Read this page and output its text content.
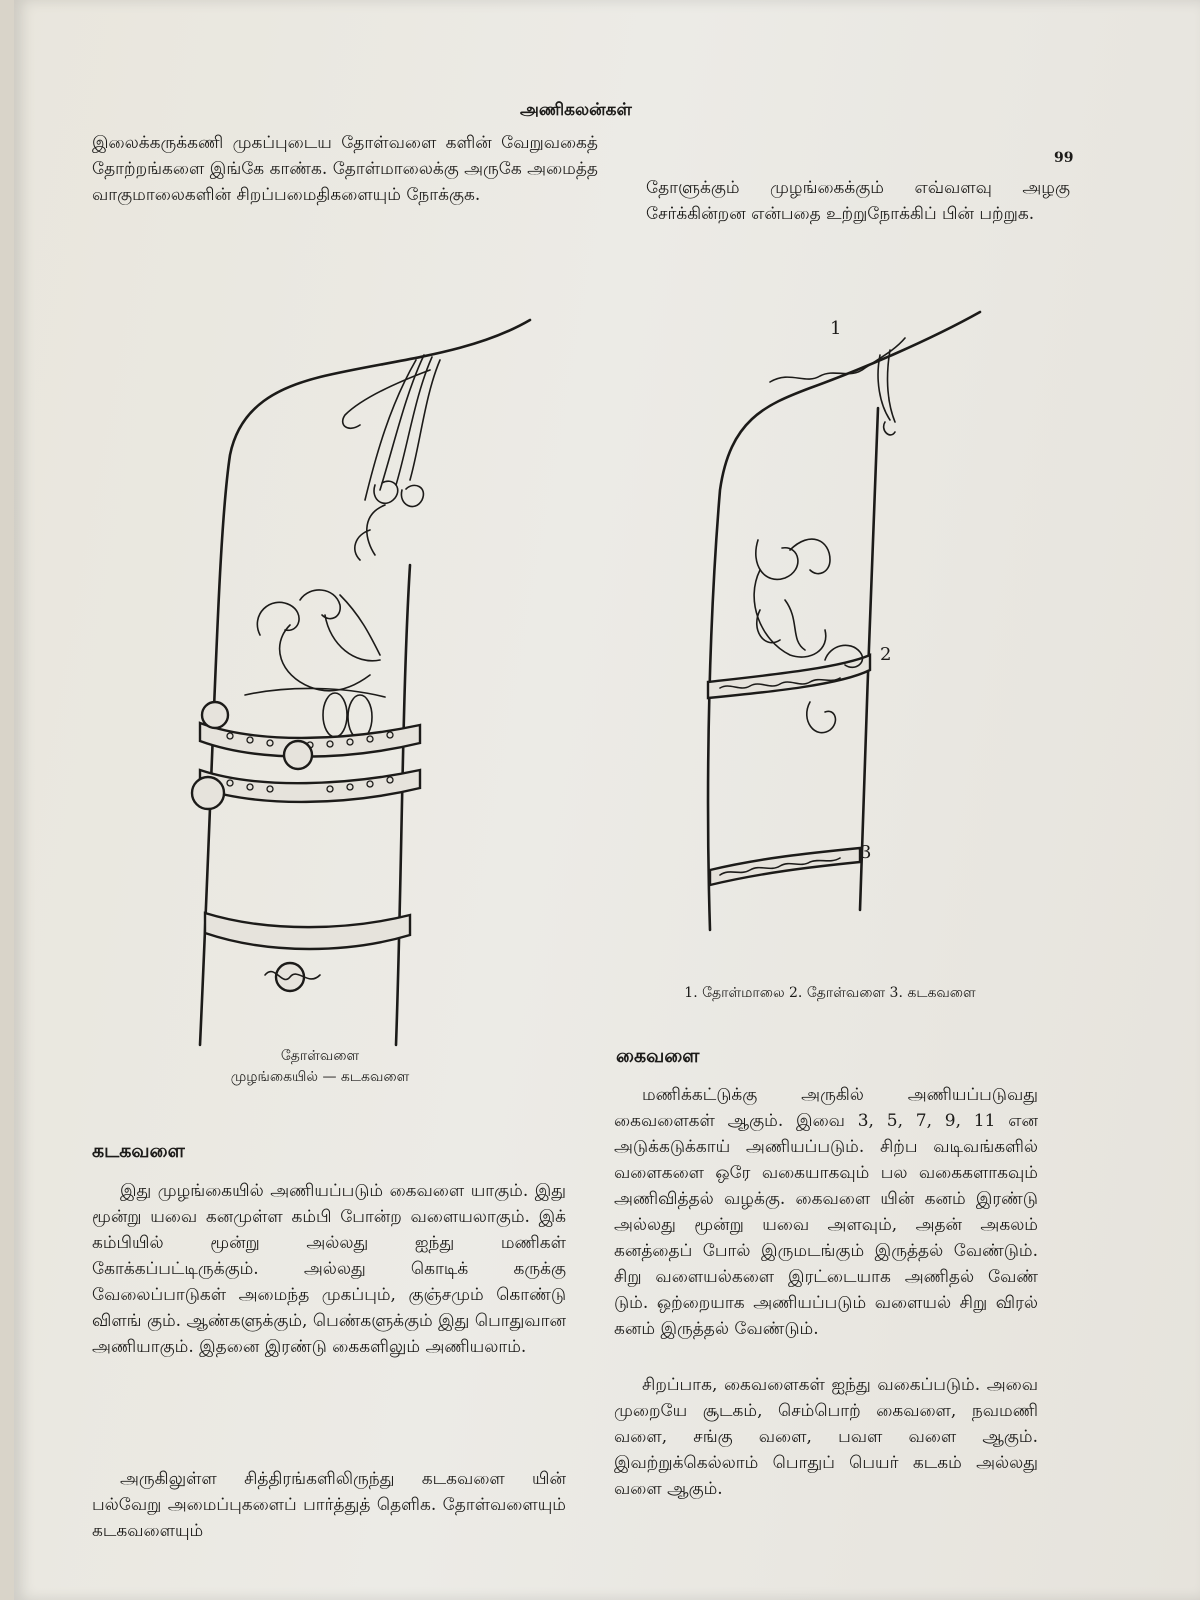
அணிகலன்கள்
99

இலைக்கருக்கணி முகப்புடைய தோள்வளை களின் வேறுவகைத் தோற்றங்களை இங்கே காண்க. தோள்மாலைக்கு அருகே அமைத்த வாகுமாலைகளின் சிறப்பமைதிகளையும் நோக்குக.

தோள்வளை
முழங்கையில் — கடகவளை
கடகவளை

இது முழங்கையில் அணியப்படும் கைவளை யாகும். இது மூன்று யவை கனமுள்ள கம்பி போன்ற வளையலாகும். இக் கம்பியில் மூன்று அல்லது ஐந்து மணிகள் கோக்கப்பட்டிருக்கும். அல்லது கொடிக் கருக்கு வேலைப்பாடுகள் அமைந்த முகப்பும், குஞ்சமும் கொண்டு விளங் கும். ஆண்களுக்கும், பெண்களுக்கும் இது பொதுவான அணியாகும். இதனை இரண்டு கைகளிலும் அணியலாம்.

அருகிலுள்ள சித்திரங்களிலிருந்து கடகவளை யின் பல்வேறு அமைப்புகளைப் பார்த்துத் தெளிக. தோள்வளையும் கடகவளையும்

தோளுக்கும் முழங்கைக்கும் எவ்வளவு அழகு சேர்க்கின்றன என்பதை உற்றுநோக்கிப் பின் பற்றுக.

1
2
3
1. தோள்மாலை 2. தோள்வளை 3. கடகவளை
கைவளை

மணிக்கட்டுக்கு அருகில் அணியப்படுவது கைவளைகள் ஆகும். இவை 3, 5, 7, 9, 11 என அடுக்கடுக்காய் அணியப்படும். சிற்ப வடிவங்களில் வளைகளை ஒரே வகையாகவும் பல வகைகளாகவும் அணிவித்தல் வழக்கு. கைவளை யின் கனம் இரண்டு அல்லது மூன்று யவை அளவும், அதன் அகலம் கனத்தைப் போல் இருமடங்கும் இருத்தல் வேண்டும். சிறு வளையல்களை இரட்டையாக அணிதல் வேண் டும். ஒற்றையாக அணியப்படும் வளையல் சிறு விரல் கனம் இருத்தல் வேண்டும்.

சிறப்பாக, கைவளைகள் ஐந்து வகைப்படும். அவை முறையே சூடகம், செம்பொற் கைவளை, நவமணி வளை, சங்கு வளை, பவள வளை ஆகும். இவற்றுக்கெல்லாம் பொதுப் பெயர் கடகம் அல்லது வளை ஆகும்.
